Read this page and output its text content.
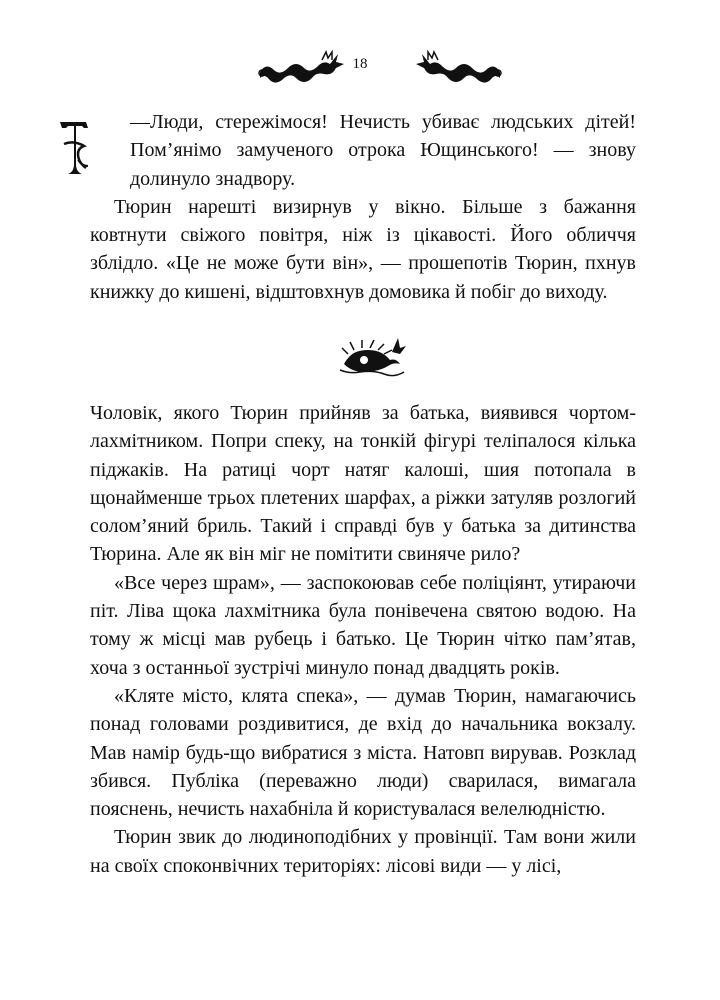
18

—Люди, стережімося! Нечисть убиває людських дітей! Пом’янімо замученого отрока Ющинського! — знову долинуло знадвору.

Тюрин нарешті визирнув у вікно. Більше з бажання ковтнути свіжого повітря, ніж із цікавості. Його обличчя зблідло. «Це не може бути він», — прошепотів Тюрин, пхнув книжку до кишені, відштовхнув домовика й побіг до виходу.

Чоловік, якого Тюрин прийняв за батька, виявився чортом-лахмітником. Попри спеку, на тонкій фігурі теліпалося кілька піджаків. На ратиці чорт натяг калоші, шия потопала в щонайменше трьох плетених шарфах, а ріжки затуляв розлогий солом’яний бриль. Такий і справді був у батька за дитинства Тюрина. Але як він міг не помітити свиняче рило?

«Все через шрам», — заспокоював себе поліціянт, утираючи піт. Ліва щока лахмітника була понівечена святою водою. На тому ж місці мав рубець і батько. Це Тюрин чітко пам’ятав, хоча з останньої зустрічі минуло понад двадцять років.

«Кляте місто, клята спека», — думав Тюрин, намагаючись понад головами роздивитися, де вхід до начальника вокзалу. Мав намір будь-що вибратися з міста. Натовп вирував. Розклад збився. Публіка (переважно люди) сварилася, вимагала пояснень, нечисть нахабніла й користувалася велелюдністю.

Тюрин звик до людиноподібних у провінції. Там вони жили на своїх споконвічних територіях: лісові види — у лісі,
